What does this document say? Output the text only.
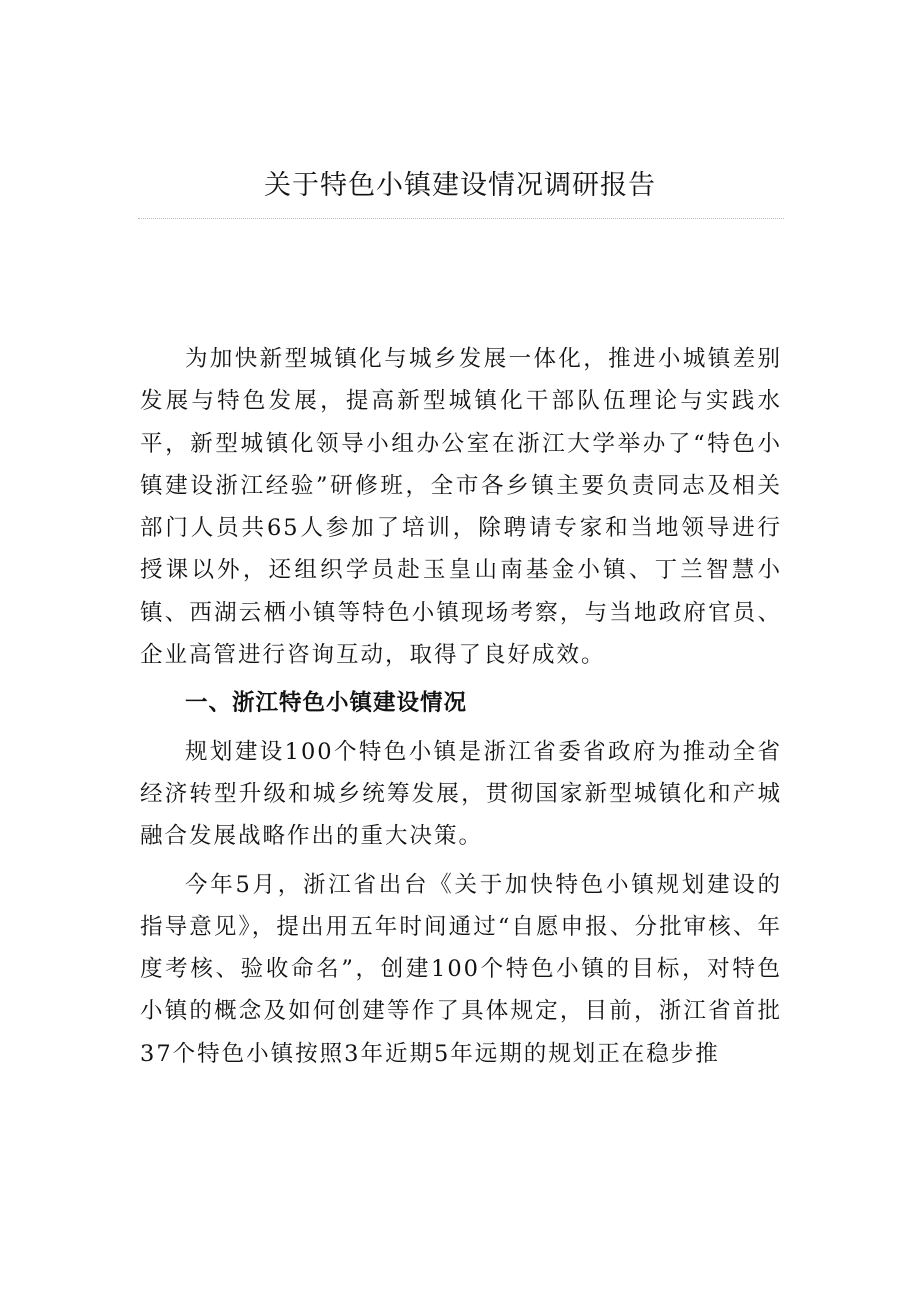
关于特色小镇建设情况调研报告

为加快新型城镇化与城乡发展一体化，推进小城镇差别发展与特色发展，提高新型城镇化干部队伍理论与实践水平，新型城镇化领导小组办公室在浙江大学举办了“特色小镇建设浙江经验”研修班，全市各乡镇主要负责同志及相关部门人员共65人参加了培训，除聘请专家和当地领导进行授课以外，还组织学员赴玉皇山南基金小镇、丁兰智慧小镇、西湖云栖小镇等特色小镇现场考察，与当地政府官员、企业高管进行咨询互动，取得了良好成效。

一、浙江特色小镇建设情况

规划建设100个特色小镇是浙江省委省政府为推动全省经济转型升级和城乡统筹发展，贯彻国家新型城镇化和产城融合发展战略作出的重大决策。

今年5月，浙江省出台《关于加快特色小镇规划建设的指导意见》，提出用五年时间通过“自愿申报、分批审核、年度考核、验收命名”，创建100个特色小镇的目标，对特色小镇的概念及如何创建等作了具体规定，目前，浙江省首批37个特色小镇按照3年近期5年远期的规划正在稳步推
